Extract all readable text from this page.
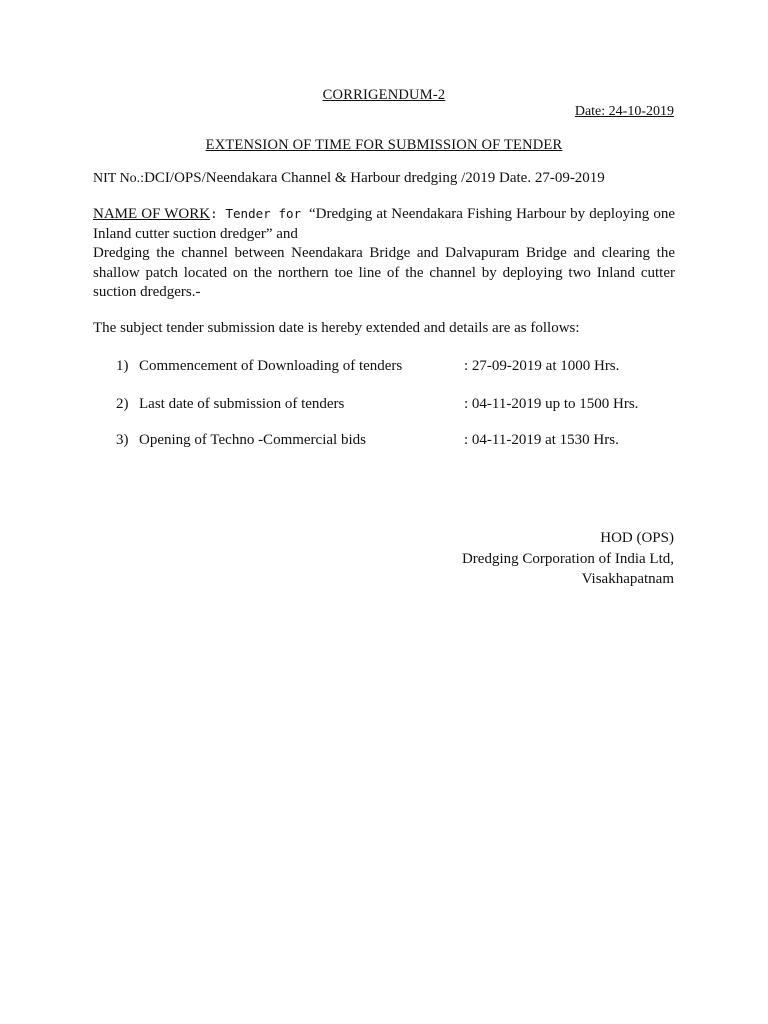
CORRIGENDUM-2

Date: 24-10-2019

EXTENSION OF TIME FOR SUBMISSION OF TENDER

NIT No.:DCI/OPS/Neendakara Channel & Harbour dredging /2019 Date. 27-09-2019

NAME OF WORK: Tender for “Dredging at Neendakara Fishing Harbour by deploying one Inland cutter suction dredger” and

Dredging the channel between Neendakara Bridge and Dalvapuram Bridge and clearing the shallow patch located on the northern toe line of the channel by deploying two Inland cutter suction dredgers.-

The subject tender submission date is hereby extended and details are as follows:

1) Commencement of Downloading of tenders	: 27-09-2019 at 1000 Hrs.
2) Last date of submission of tenders	: 04-11-2019 up to 1500 Hrs.
3) Opening of Techno -Commercial bids	: 04-11-2019 at 1530 Hrs.
HOD (OPS)
Dredging Corporation of India Ltd,
Visakhapatnam
